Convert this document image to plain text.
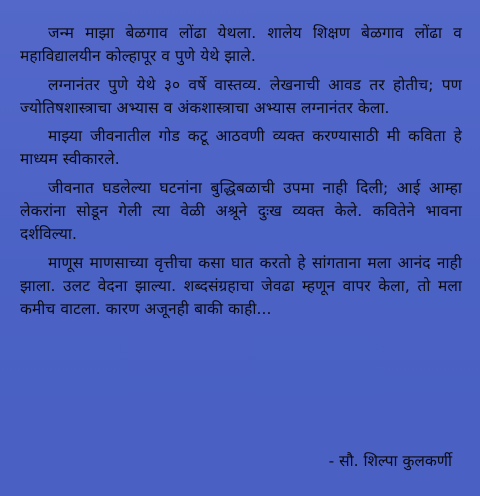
जन्म माझा बेळगाव लोंढा येथला. शालेय शिक्षण बेळगाव लोंढा व महाविद्यालयीन कोल्हापूर व पुणे येथे झाले.

लग्नानंतर पुणे येथे ३० वर्षे वास्तव्य. लेखनाची आवड तर होतीच; पण ज्योतिषशास्त्राचा अभ्यास व अंकशास्त्राचा अभ्यास लग्नानंतर केला.

माझ्या जीवनातील गोड कटू आठवणी व्यक्त करण्यासाठी मी कविता हे माध्यम स्वीकारले.

जीवनात घडलेल्या घटनांना बुद्धिबळाची उपमा नाही दिली; आई आम्हा लेकरांना सोडून गेली त्या वेळी अश्रूने दुःख व्यक्त केले. कवितेने भावना दर्शविल्या.

माणूस माणसाच्या वृत्तीचा कसा घात करतो हे सांगताना मला आनंद नाही झाला. उलट वेदना झाल्या. शब्दसंग्रहाचा जेवढा म्हणून वापर केला, तो मला कमीच वाटला. कारण अजूनही बाकी काही...

- सौ. शिल्पा कुलकर्णी
